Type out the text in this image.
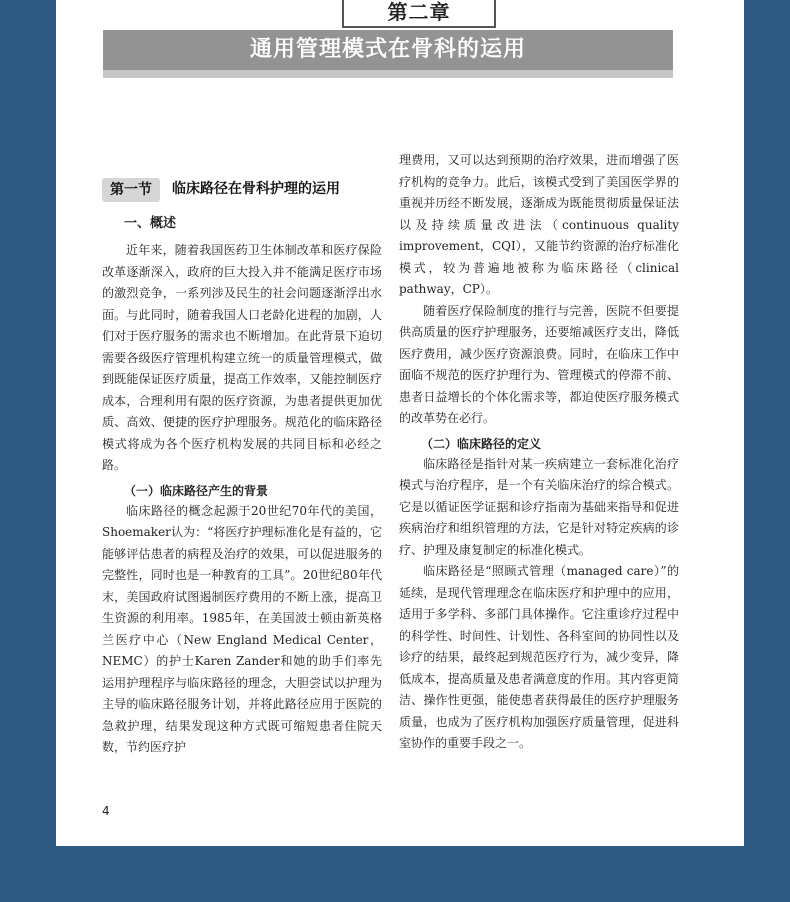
第二章
通用管理模式在骨科的运用
第一节	临床路径在骨科护理的运用
一、概述

近年来，随着我国医药卫生体制改革和医疗保险改革逐渐深入，政府的巨大投入并不能满足医疗市场的激烈竞争，一系列涉及民生的社会问题逐渐浮出水面。与此同时，随着我国人口老龄化进程的加剧，人们对于医疗服务的需求也不断增加。在此背景下迫切需要各级医疗管理机构建立统一的质量管理模式，做到既能保证医疗质量，提高工作效率，又能控制医疗成本，合理利用有限的医疗资源，为患者提供更加优质、高效、便捷的医疗护理服务。规范化的临床路径模式将成为各个医疗机构发展的共同目标和必经之路。

（一）临床路径产生的背景

临床路径的概念起源于20世纪70年代的美国，Shoemaker认为：“将医疗护理标准化是有益的，它能够评估患者的病程及治疗的效果，可以促进服务的完整性，同时也是一种教育的工具”。20世纪80年代末，美国政府试图遏制医疗费用的不断上涨，提高卫生资源的利用率。1985年，在美国波士顿由新英格兰医疗中心（New England Medical Center，NEMC）的护士Karen Zander和她的助手们率先运用护理程序与临床路径的理念，大胆尝试以护理为主导的临床路径服务计划，并将此路径应用于医院的急救护理，结果发现这种方式既可缩短患者住院天数，节约医疗护

理费用，又可以达到预期的治疗效果，进而增强了医疗机构的竞争力。此后，该模式受到了美国医学界的重视并历经不断发展，逐渐成为既能贯彻质量保证法以及持续质量改进法（continuous quality improvement，CQI），又能节约资源的治疗标准化模式，较为普遍地被称为临床路径（clinical pathway，CP）。

随着医疗保险制度的推行与完善，医院不但要提供高质量的医疗护理服务，还要缩减医疗支出，降低医疗费用，减少医疗资源浪费。同时，在临床工作中面临不规范的医疗护理行为、管理模式的停滞不前、患者日益增长的个体化需求等，都迫使医疗服务模式的改革势在必行。

（二）临床路径的定义

临床路径是指针对某一疾病建立一套标准化治疗模式与治疗程序，是一个有关临床治疗的综合模式。它是以循证医学证据和诊疗指南为基础来指导和促进疾病治疗和组织管理的方法，它是针对特定疾病的诊疗、护理及康复制定的标准化模式。

临床路径是“照顾式管理（managed care）”的延续，是现代管理理念在临床医疗和护理中的应用，适用于多学科、多部门具体操作。它注重诊疗过程中的科学性、时间性、计划性、各科室间的协同性以及诊疗的结果，最终起到规范医疗行为，减少变异，降低成本，提高质量及患者满意度的作用。其内容更简洁、操作性更强，能使患者获得最佳的医疗护理服务质量，也成为了医疗机构加强医疗质量管理，促进科室协作的重要手段之一。

4
